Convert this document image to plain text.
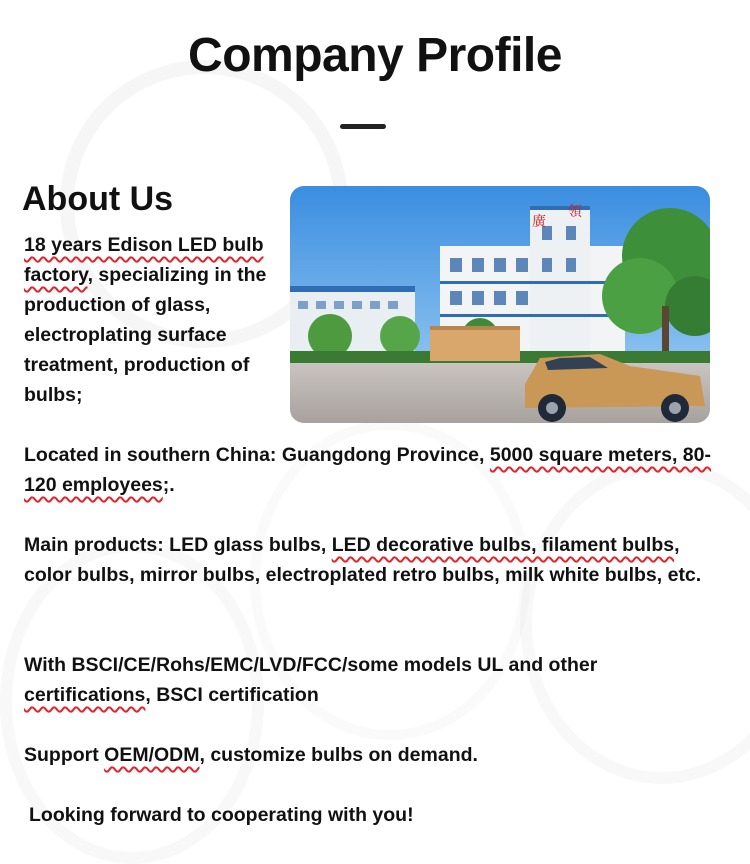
Company Profile
About Us

18 years Edison LED bulb factory, specializing in the production of glass, electroplating surface treatment, production of bulbs;

廣
領

Located in southern China: Guangdong Province, 5000 square meters, 80-120 employees;.

Main products: LED glass bulbs, LED decorative bulbs, filament bulbs, color bulbs, mirror bulbs, electroplated retro bulbs, milk white bulbs, etc.

With BSCI/CE/Rohs/EMC/LVD/FCC/some models UL and other certifications, BSCI certification

Support OEM/ODM, customize bulbs on demand.

Looking forward to cooperating with you!
